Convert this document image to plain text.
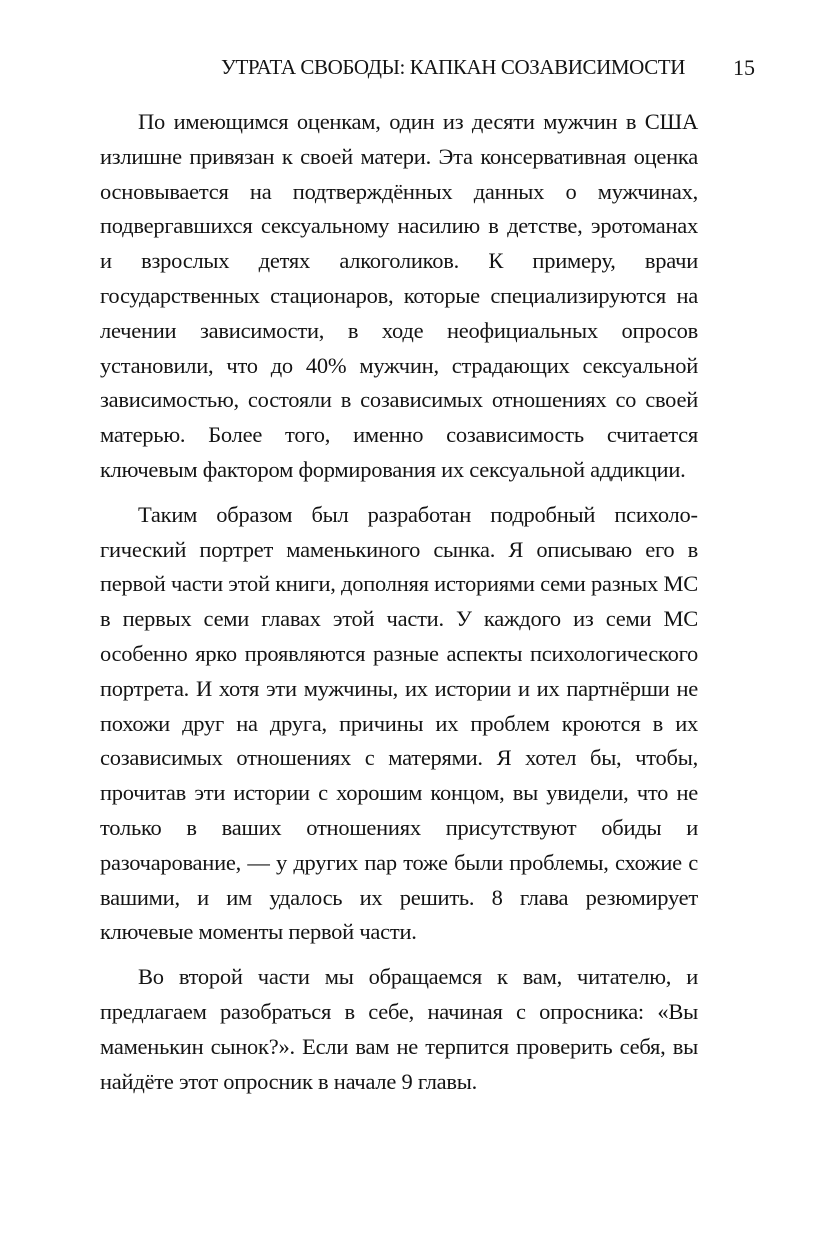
УТРАТА СВОБОДЫ: КАПКАН СОЗАВИСИМОСТИ 15

По имеющимся оценкам, один из десяти мужчин в США излишне привязан к своей матери. Эта консервативная оценка основывается на подтверждённых данных о мужчинах, подвергавшихся сексуальному насилию в детстве, эротоманах и взрослых детях алкоголиков. К примеру, врачи государственных стационаров, которые специализируются на лечении зависимости, в ходе неофициальных опросов установили, что до 40% мужчин, страдающих сексуальной зависимостью, состояли в созависимых отношениях со своей матерью. Более того, именно созависимость считается ключевым фактором формирования их сексуальной аддикции.

Таким образом был разработан подробный психологический портрет маменькиного сынка. Я описываю его в первой части этой книги, дополняя историями семи разных МС в первых семи главах этой части. У каждого из семи МС особенно ярко проявляются разные аспекты психологического портрета. И хотя эти мужчины, их истории и их партнёрши не похожи друг на друга, причины их проблем кроются в их созависимых отношениях с матерями. Я хотел бы, чтобы, прочитав эти истории с хорошим концом, вы увидели, что не только в ваших отношениях присутствуют обиды и разочарование, — у других пар тоже были проблемы, схожие с вашими, и им удалось их решить. 8 глава резюмирует ключевые моменты первой части.

Во второй части мы обращаемся к вам, читателю, и предлагаем разобраться в себе, начиная с опросника: «Вы маменькин сынок?». Если вам не терпится проверить себя, вы найдёте этот опросник в начале 9 главы.
